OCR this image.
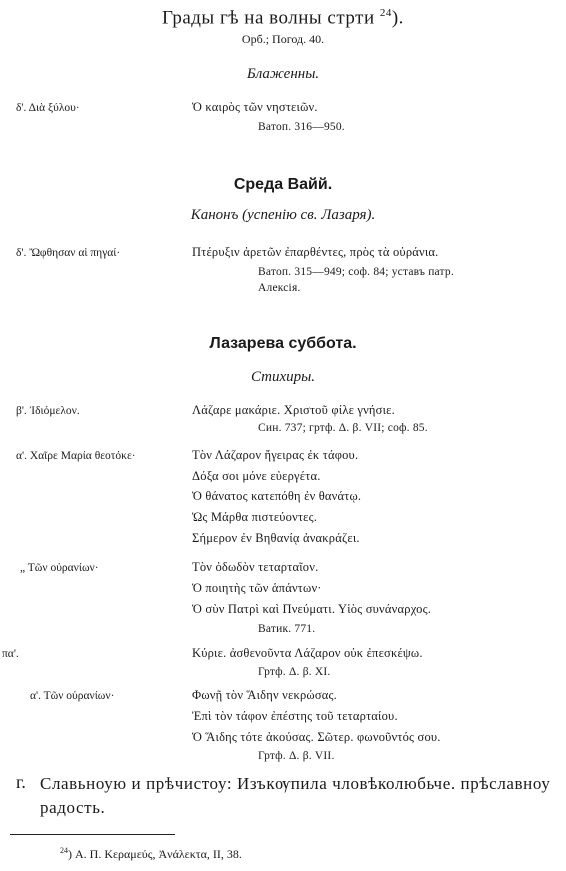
Грады гѣ на волны стрти $^{24}$).
Орб.; Погод. 40.
Блаженны.
δ'. Διὰ ξύλου·	Ὁ καιρὸς τῶν νηστειῶν.
Ватоп. 316—950.
Среда Вайй.
Канонъ (успенію св. Лазаря).
δ'. Ὤφθησαν αἱ πηγαί·	Πτέρυξιν ἀρετῶν ἐπαρθέντες, πρὸς τὰ οὐράνια.
Ватоп. 315—949; соф. 84; уставъ патр.
Алексія.
Лазарева суббота.
Стихиры.
β'. Ἰδιόμελον.	Λάζαρε μακάριε. Χριστοῦ φίλε γνήσιε.
Син. 737; гртф. Δ. β. VII; соф. 85.
α'. Χαῖρε Μαρία θεοτόκε·	Τὸν Λάζαρον ἤγειρας ἐκ τάφου.
Δόξα σοι μόνε εὐεργέτα.
Ὁ θάνατος κατεπόθη ἐν θανάτῳ.
Ὡς Μάρθα πιστεύοντες.
Σήμερον ἐν Βηθανίᾳ ἀνακράζει.
„ Τῶν οὐρανίων·	Τὸν ὀδωδὸν τεταρταῖον.
Ὁ ποιητὴς τῶν ἁπάντων·
Ὁ σὺν Πατρὶ καὶ Πνεύματι. Υἱὸς συνάναρχος.
Ватик. 771.
πα'.	Κύριε. ἀσθενοῦντα Λάζαρον οὐκ ἐπεσκέψω.
Гртф. Δ. β. XI.
α'. Τῶν οὐρανίων·	Φωνῇ τὸν Ἅιδην νεκρώσας.
Ἐπὶ τὸν τάφον ἐπέστης τοῦ τεταρταίου.
Ὁ Ἅιδης τότε ἀκούσας. Σῶτερ. φωνοῦντός σου.
Гртф. Δ. β. VII.
г. Славьноую и прѣчистоу: Изъкѹпила чловѣколюбьче. прѣславноу
радость.
$^{24}$) А. П. Κεραμεύς, Ἀνάλεκτα, II, 38.
